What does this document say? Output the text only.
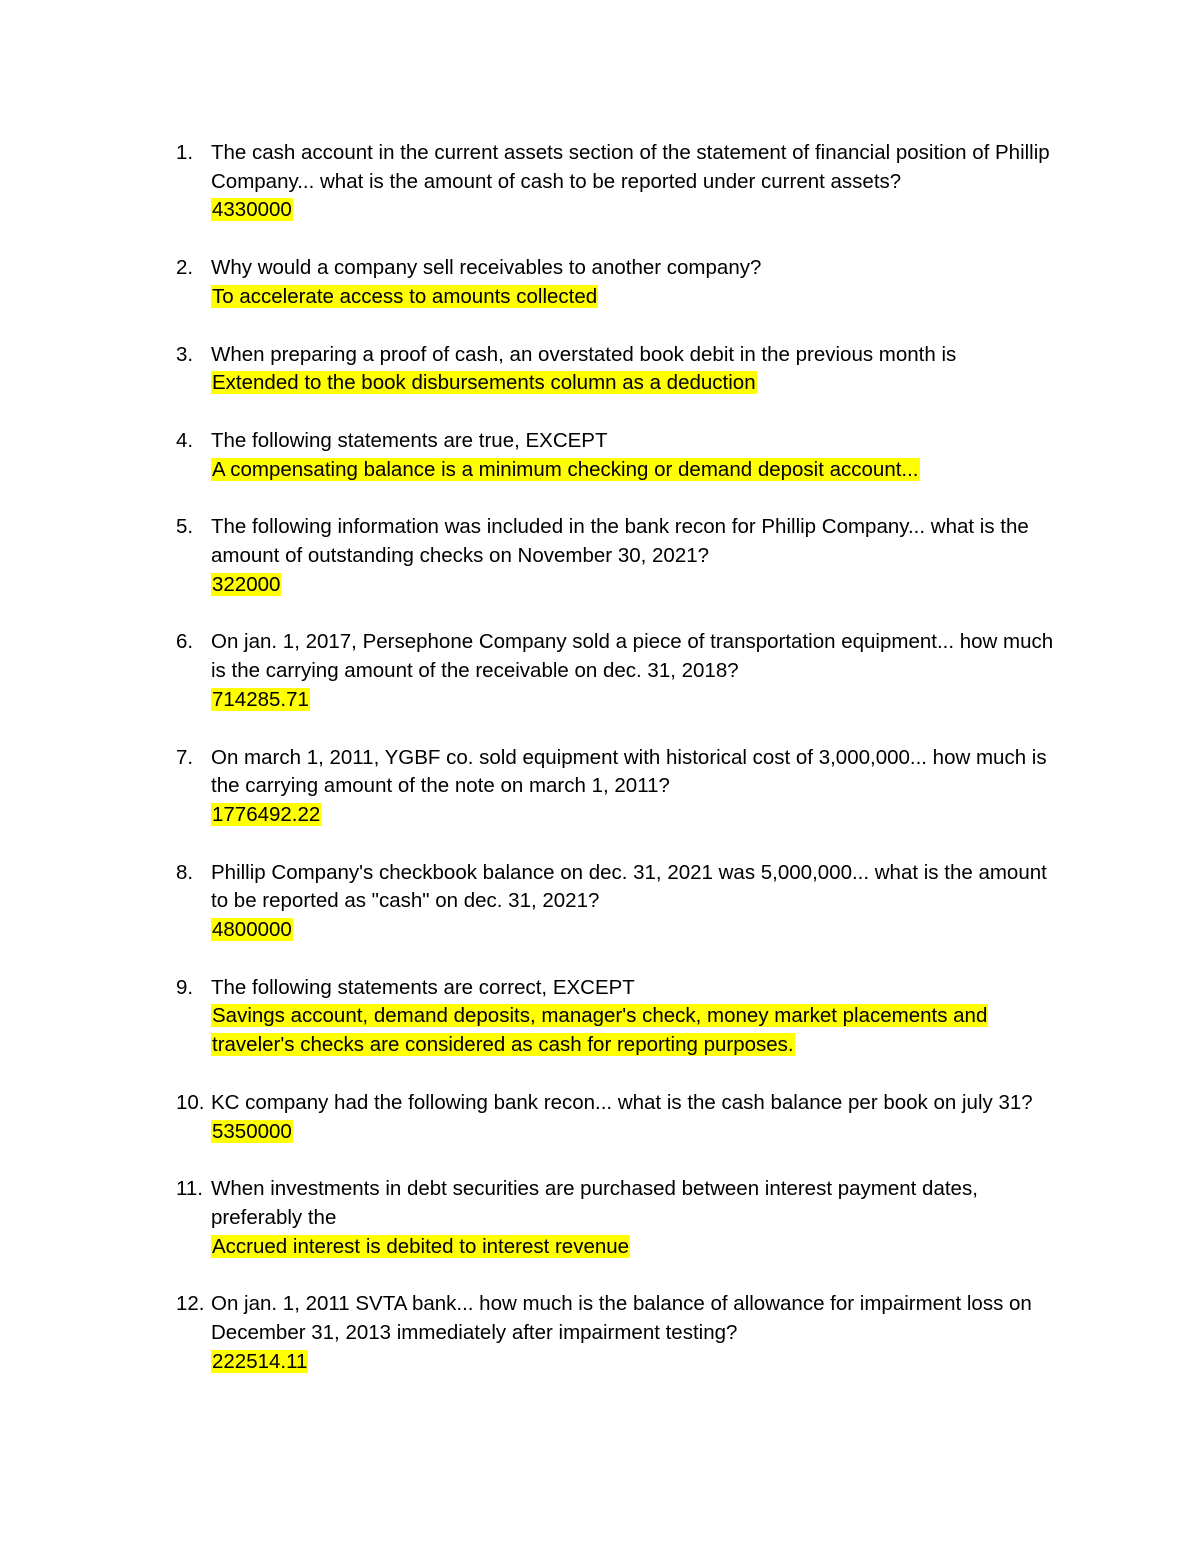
1. The cash account in the current assets section of the statement of financial position of Phillip Company... what is the amount of cash to be reported under current assets?
4330000
2. Why would a company sell receivables to another company?
To accelerate access to amounts collected
3. When preparing a proof of cash, an overstated book debit in the previous month is
Extended to the book disbursements column as a deduction
4. The following statements are true, EXCEPT
A compensating balance is a minimum checking or demand deposit account...
5. The following information was included in the bank recon for Phillip Company... what is the amount of outstanding checks on November 30, 2021?
322000
6. On jan. 1, 2017, Persephone Company sold a piece of transportation equipment... how much is the carrying amount of the receivable on dec. 31, 2018?
714285.71
7. On march 1, 2011, YGBF co. sold equipment with historical cost of 3,000,000... how much is the carrying amount of the note on march 1, 2011?
1776492.22
8. Phillip Company's checkbook balance on dec. 31, 2021 was 5,000,000... what is the amount to be reported as "cash" on dec. 31, 2021?
4800000
9. The following statements are correct, EXCEPT
Savings account, demand deposits, manager's check, money market placements and traveler's checks are considered as cash for reporting purposes.
10. KC company had the following bank recon... what is the cash balance per book on july 31?
5350000
11. When investments in debt securities are purchased between interest payment dates, preferably the
Accrued interest is debited to interest revenue
12. On jan. 1, 2011 SVTA bank... how much is the balance of allowance for impairment loss on December 31, 2013 immediately after impairment testing?
222514.11
